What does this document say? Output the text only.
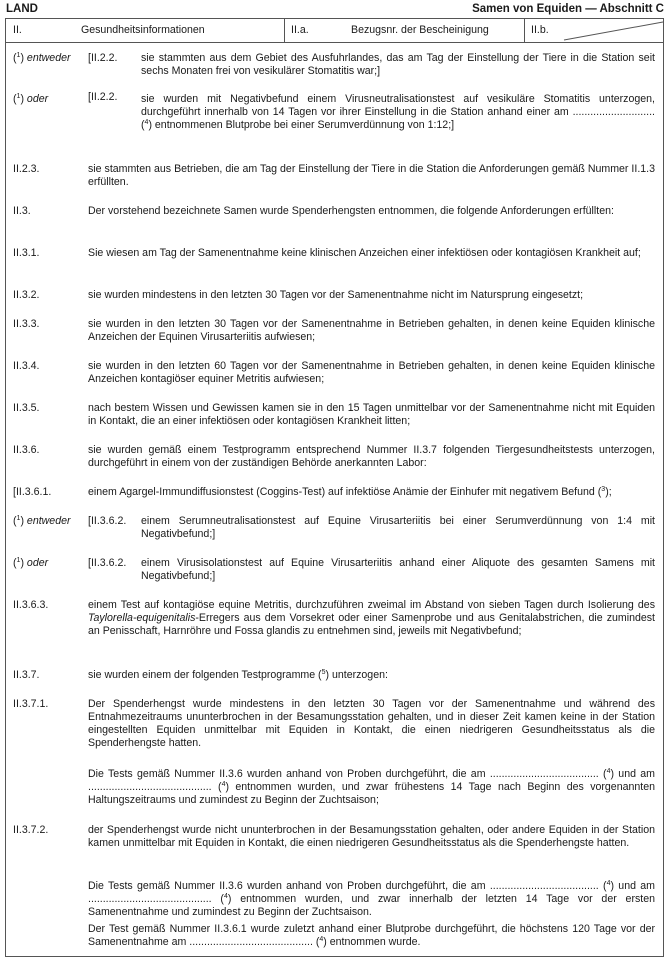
LAND	Samen von Equiden — Abschnitt C
II.	Gesundheitsinformationen	II.a.	Bezugsnr. der Bescheinigung	II.b.
($^1$) entweder [II.2.2. sie stammten aus dem Gebiet des Ausfuhrlandes, das am Tag der Einstellung der Tiere in die Station seit sechs Monaten frei von vesikulärer Stomatitis war;]
($^1$) oder	[II.2.2. sie wurden mit Negativbefund einem Virusneutralisationstest auf vesikuläre Stomatitis unterzogen, durchgeführt innerhalb von 14 Tagen vor ihrer Einstellung in die Station anhand einer am ............................ ($^4$) entnommenen Blutprobe bei einer Serumverdünnung von 1:12;]
II.2.3.	sie stammten aus Betrieben, die am Tag der Einstellung der Tiere in die Station die Anforderungen gemäß Nummer II.1.3 erfüllten.
II.3.	Der vorstehend bezeichnete Samen wurde Spenderhengsten entnommen, die folgende Anforderungen erfüllten:
II.3.1.	Sie wiesen am Tag der Samenentnahme keine klinischen Anzeichen einer infektiösen oder kontagiösen Krankheit auf;
II.3.2.	sie wurden mindestens in den letzten 30 Tagen vor der Samenentnahme nicht im Natursprung eingesetzt;
II.3.3.	sie wurden in den letzten 30 Tagen vor der Samenentnahme in Betrieben gehalten, in denen keine Equiden klinische Anzeichen der Equinen Virusarteriitis aufwiesen;
II.3.4.	sie wurden in den letzten 60 Tagen vor der Samenentnahme in Betrieben gehalten, in denen keine Equiden klinische Anzeichen kontagiöser equiner Metritis aufwiesen;
II.3.5.	nach bestem Wissen und Gewissen kamen sie in den 15 Tagen unmittelbar vor der Samenentnahme nicht mit Equiden in Kontakt, die an einer infektiösen oder kontagiösen Krankheit litten;
II.3.6.	sie wurden gemäß einem Testprogramm entsprechend Nummer II.3.7 folgenden Tiergesundheitstests unterzogen, durchgeführt in einem von der zuständigen Behörde anerkannten Labor:
[II.3.6.1.	einem Agargel-Immundiffusionstest (Coggins-Test) auf infektiöse Anämie der Einhufer mit negativem Befund ($^3$);
($^1$) entweder [II.3.6.2. einem Serumneutralisationstest auf Equine Virusarteriitis bei einer Serumverdünnung von 1:4 mit Negativbefund;]
($^1$) oder	[II.3.6.2. einem Virusisolationstest auf Equine Virusarteriitis anhand einer Aliquote des gesamten Samens mit Negativbefund;]
II.3.6.3.	einem Test auf kontagiöse equine Metritis, durchzuführen zweimal im Abstand von sieben Tagen durch Isolierung des Taylorella-equigenitalis-Erregers aus dem Vorsekret oder einer Samenprobe und aus Genitalabstrichen, die zumindest an Penisschaft, Harnröhre und Fossa glandis zu entnehmen sind, jeweils mit Negativbefund;
II.3.7.	sie wurden einem der folgenden Testprogramme ($^5$) unterzogen:
II.3.7.1.	Der Spenderhengst wurde mindestens in den letzten 30 Tagen vor der Samenentnahme und während des Entnahmezeitraums ununterbrochen in der Besamungsstation gehalten, und in dieser Zeit kamen keine in der Station eingestellten Equiden unmittelbar mit Equiden in Kontakt, die einen niedrigeren Gesundheitsstatus als die Spenderhengste hatten.
Die Tests gemäß Nummer II.3.6 wurden anhand von Proben durchgeführt, die am ..................................... ($^4$) und am .......................................... ($^4$) entnommen wurden, und zwar frühestens 14 Tage nach Beginn des vorgenannten Haltungszeitraums und zumindest zu Beginn der Zuchtsaison;
II.3.7.2.	der Spenderhengst wurde nicht ununterbrochen in der Besamungsstation gehalten, oder andere Equiden in der Station kamen unmittelbar mit Equiden in Kontakt, die einen niedrigeren Gesundheitsstatus als die Spenderhengste hatten.
Die Tests gemäß Nummer II.3.6 wurden anhand von Proben durchgeführt, die am ..................................... ($^4$) und am .......................................... ($^4$) entnommen wurden, und zwar innerhalb der letzten 14 Tage vor der ersten Samenentnahme und zumindest zu Beginn der Zuchtsaison.
Der Test gemäß Nummer II.3.6.1 wurde zuletzt anhand einer Blutprobe durchgeführt, die höchstens 120 Tage vor der Samenentnahme am .......................................... ($^4$) entnommen wurde.
